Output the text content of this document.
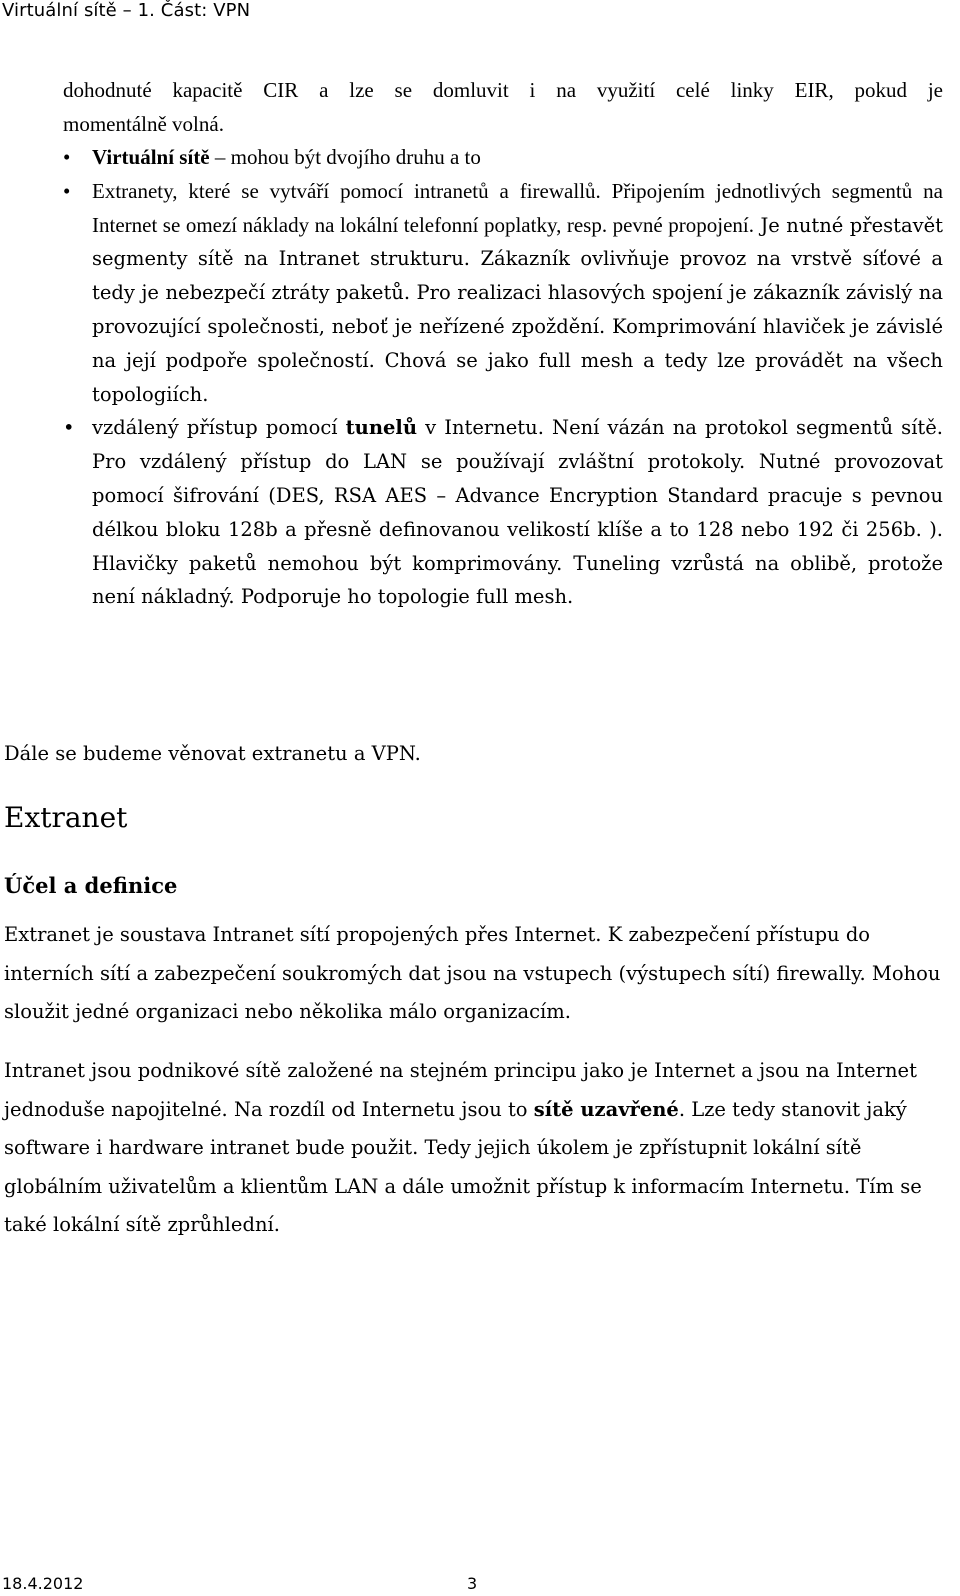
Virtuální sítě – 1. Část: VPN
dohodnuté kapacitě CIR a lze se domluvit i na využití celé linky EIR, pokud je
momentálně volná.
• Virtuální sítě – mohou být dvojího druhu a to
• Extranety, které se vytváří pomocí intranetů a firewallů. Připojením jednotlivých segmentů na Internet se omezí náklady na lokální telefonní poplatky, resp. pevné propojení. Je nutné přestavět segmenty sítě na Intranet strukturu. Zákazník ovlivňuje provoz na vrstvě síťové a tedy je nebezpečí ztráty paketů. Pro realizaci hlasových spojení je zákazník závislý na provozující společnosti, neboť je neřízené zpoždění. Komprimování hlaviček je závislé na její podpoře společností. Chová se jako full mesh a tedy lze provádět na všech topologiích.
• vzdálený přístup pomocí tunelů v Internetu. Není vázán na protokol segmentů sítě. Pro vzdálený přístup do LAN se používají zvláštní protokoly. Nutné provozovat pomocí šifrování (DES, RSA AES – Advance Encryption Standard pracuje s pevnou délkou bloku 128b a přesně definovanou velikostí klíše a to 128 nebo 192 či 256b. ). Hlavičky paketů nemohou být komprimovány. Tuneling vzrůstá na oblibě, protože není nákladný. Podporuje ho topologie full mesh.

Dále se budeme věnovat extranetu a VPN.

Extranet
Účel a definice

Extranet je soustava Intranet sítí propojených přes Internet. K zabezpečení přístupu do interních sítí a zabezpečení soukromých dat jsou na vstupech (výstupech sítí) firewally. Mohou sloužit jedné organizaci nebo několika málo organizacím.

Intranet jsou podnikové sítě založené na stejném principu jako je Internet a jsou na Internet jednoduše napojitelné. Na rozdíl od Internetu jsou to sítě uzavřené. Lze tedy stanovit jaký software i hardware intranet bude použit. Tedy jejich úkolem je zpřístupnit lokální sítě globálním uživatelům a klientům LAN a dále umožnit přístup k informacím Internetu. Tím se také lokální sítě zprůhlední.

18.4.2012	3
